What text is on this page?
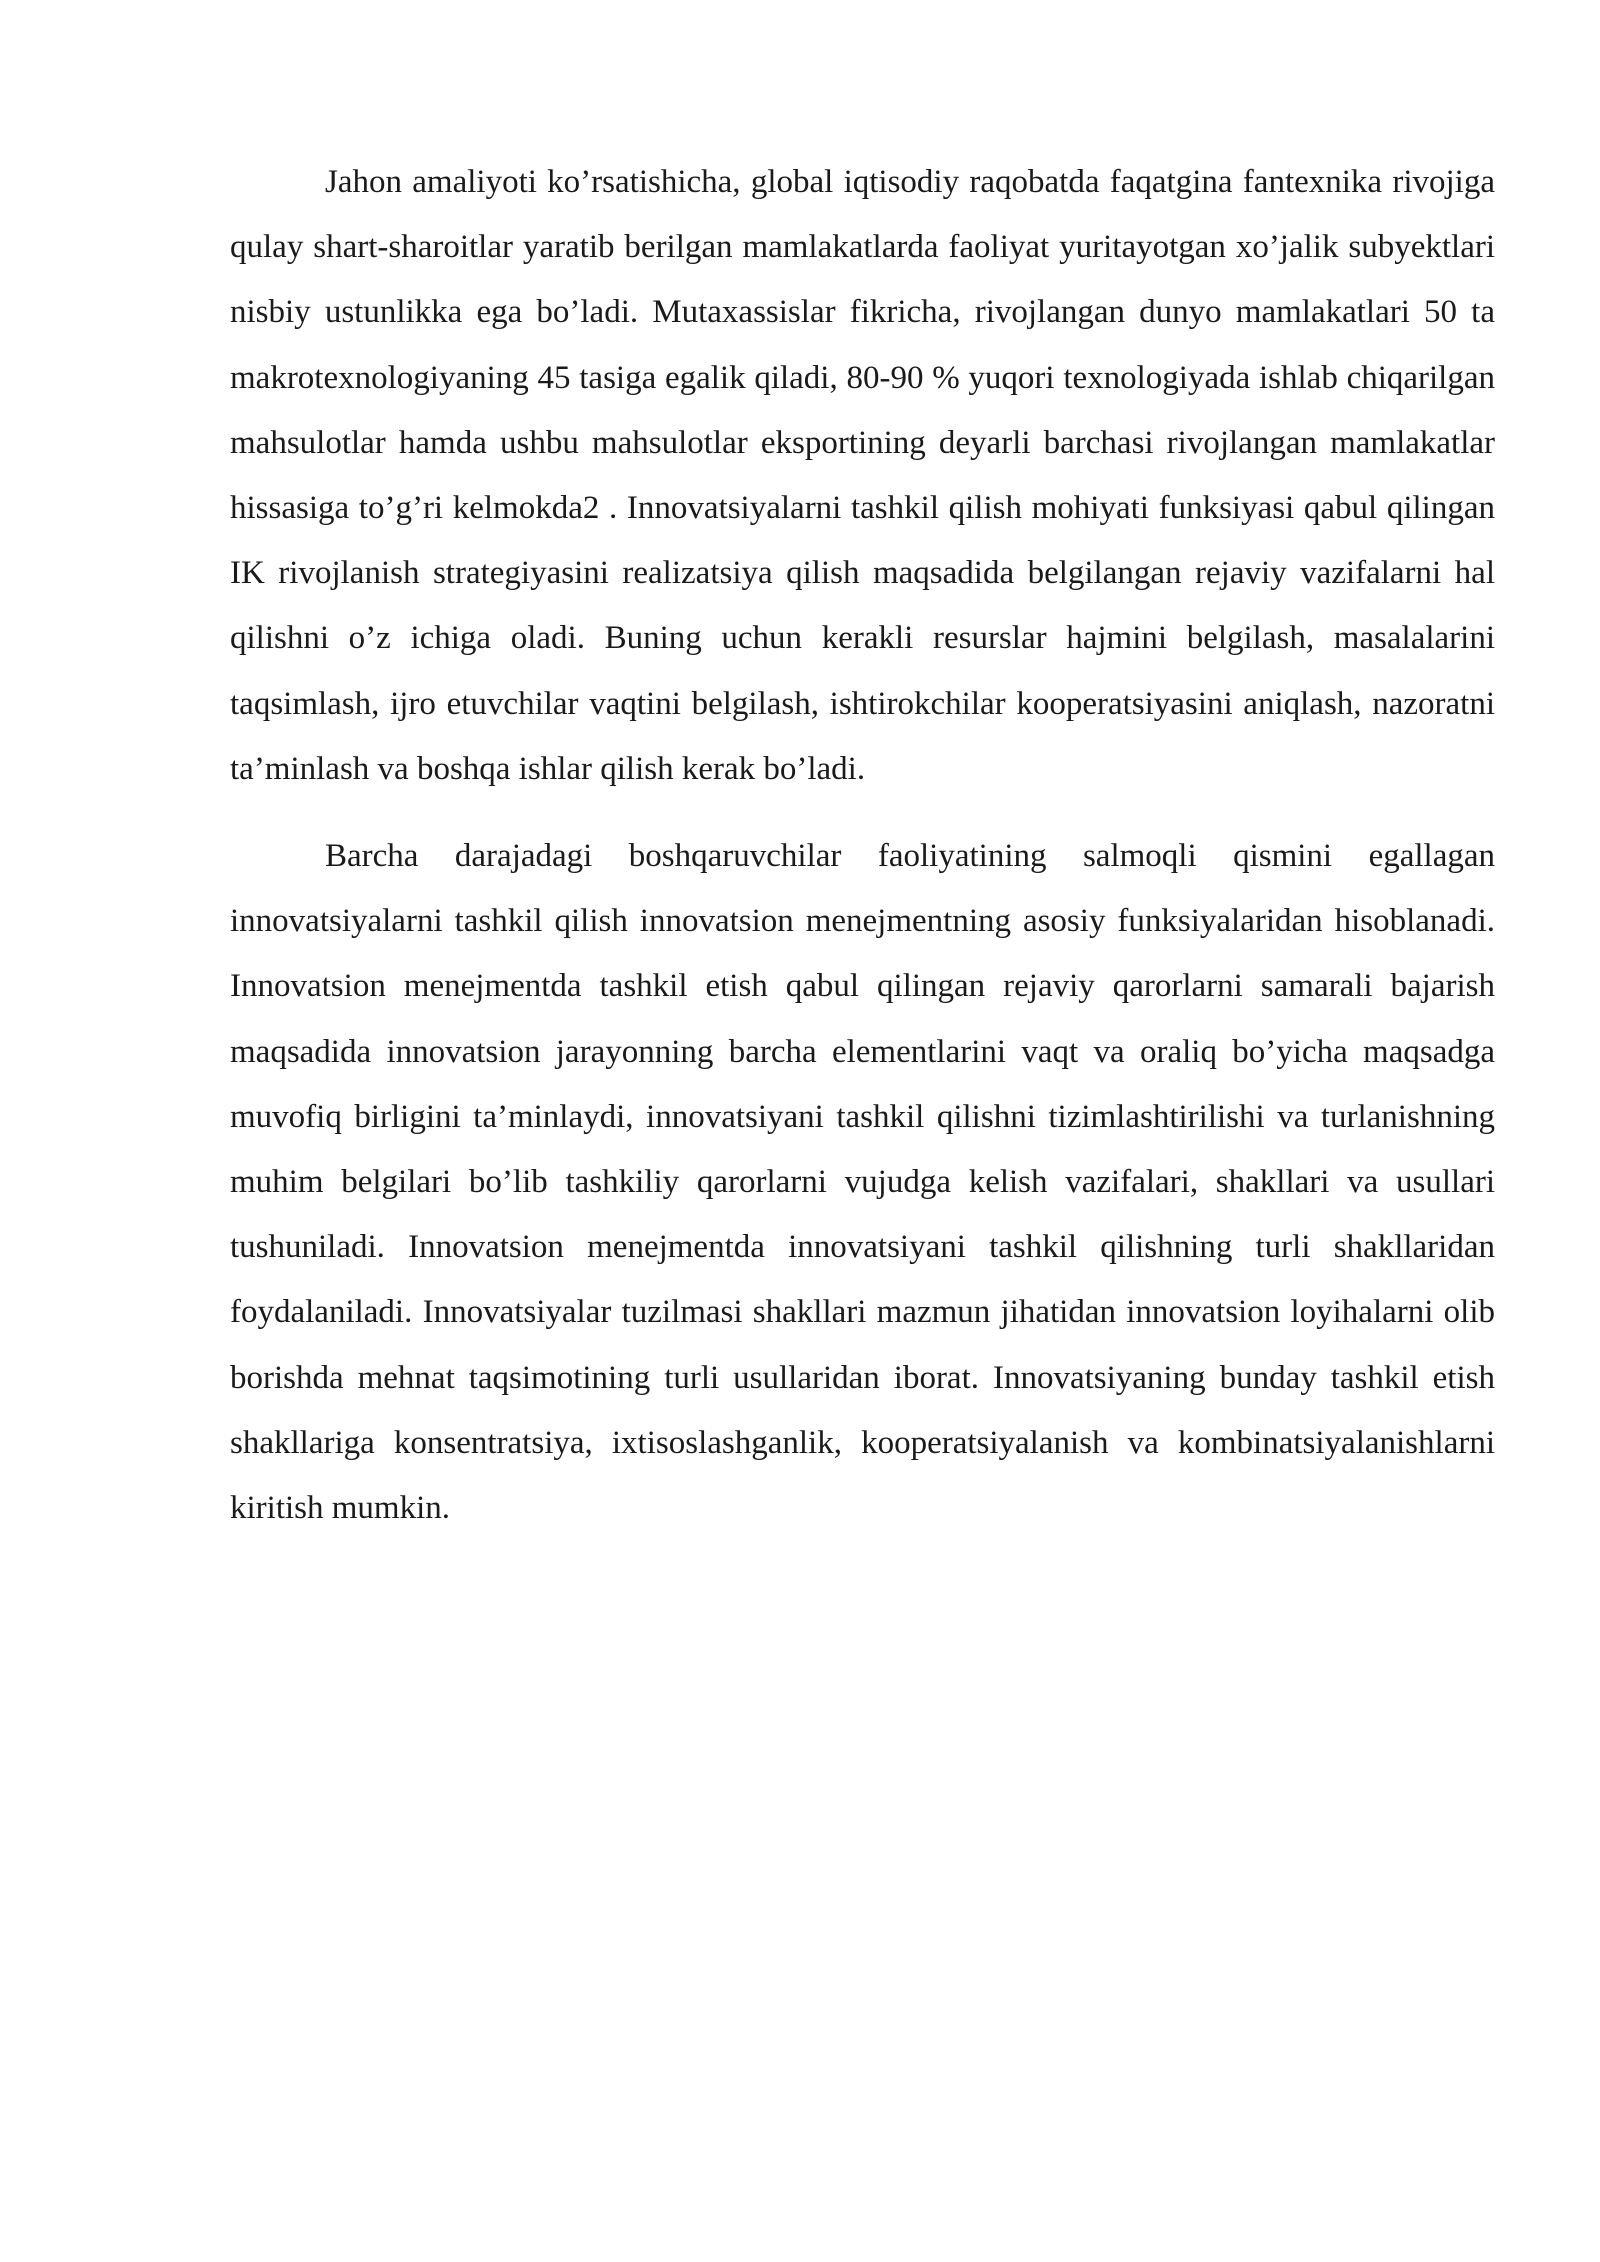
Jahon amaliyoti ko’rsatishicha, global iqtisodiy raqobatda faqatgina fantexnika rivojiga qulay shart-sharoitlar yaratib berilgan mamlakatlarda faoliyat yuritayotgan xo’jalik subyektlari nisbiy ustunlikka ega bo’ladi. Mutaxassislar fikricha, rivojlangan dunyo mamlakatlari 50 ta makrotexnologiyaning 45 tasiga egalik qiladi, 80-90 % yuqori texnologiyada ishlab chiqarilgan mahsulotlar hamda ushbu mahsulotlar eksportining deyarli barchasi rivojlangan mamlakatlar hissasiga to’g’ri kelmokda2 . Innovatsiyalarni tashkil qilish mohiyati funksiyasi qabul qilingan IK rivojlanish strategiyasini realizatsiya qilish maqsadida belgilangan rejaviy vazifalarni hal qilishni o’z ichiga oladi. Buning uchun kerakli resurslar hajmini belgilash, masalalarini taqsimlash, ijro etuvchilar vaqtini belgilash, ishtirokchilar kooperatsiyasini aniqlash, nazoratni ta’minlash va boshqa ishlar qilish kerak bo’ladi.

Barcha darajadagi boshqaruvchilar faoliyatining salmoqli qismini egallagan innovatsiyalarni tashkil qilish innovatsion menejmentning asosiy funksiyalaridan hisoblanadi. Innovatsion menejmentda tashkil etish qabul qilingan rejaviy qarorlarni samarali bajarish maqsadida innovatsion jarayonning barcha elementlarini vaqt va oraliq bo’yicha maqsadga muvofiq birligini ta’minlaydi, innovatsiyani tashkil qilishni tizimlashtirilishi va turlanishning muhim belgilari bo’lib tashkiliy qarorlarni vujudga kelish vazifalari, shakllari va usullari tushuniladi. Innovatsion menejmentda innovatsiyani tashkil qilishning turli shakllaridan foydalaniladi. Innovatsiyalar tuzilmasi shakllari mazmun jihatidan innovatsion loyihalarni olib borishda mehnat taqsimotining turli usullaridan iborat. Innovatsiyaning bunday tashkil etish shakllariga konsentratsiya, ixtisoslashganlik, kooperatsiyalanish va kombinatsiyalanishlarni kiritish mumkin.
